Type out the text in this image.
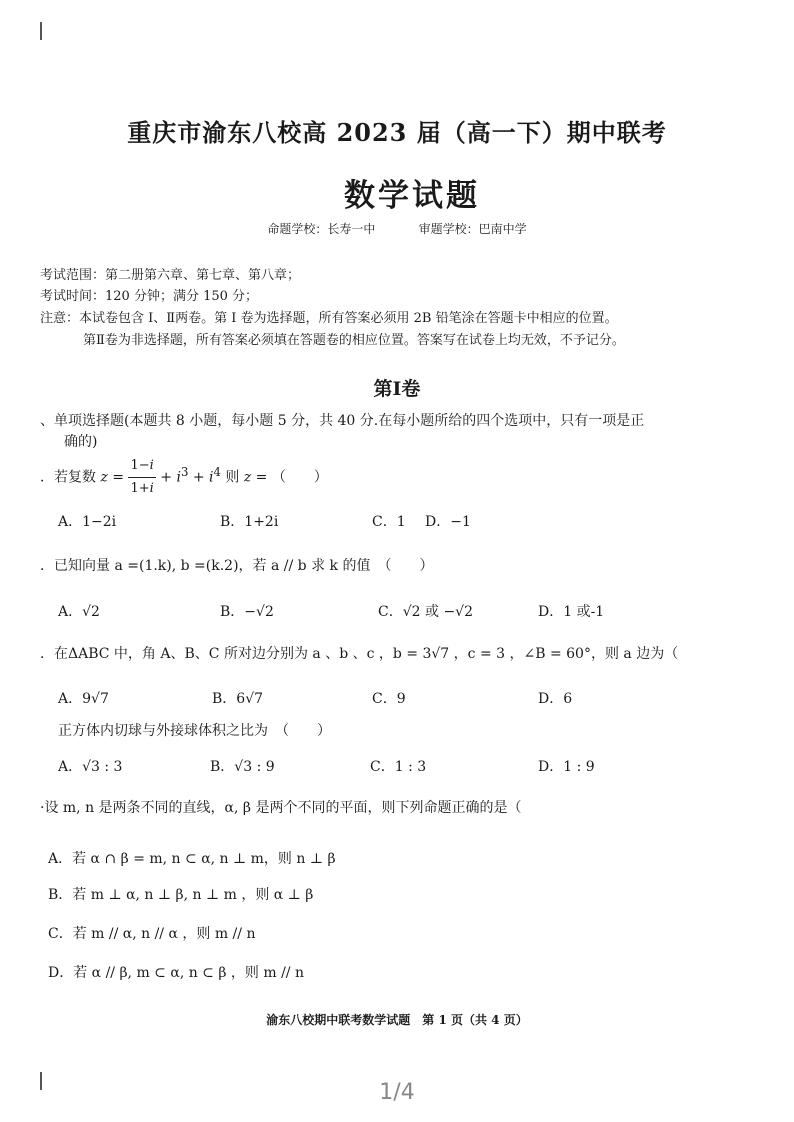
重庆市渝东八校高 2023 届（高一下）期中联考
数学试题
命题学校：长寿一中	审题学校：巴南中学
考试范围：第二册第六章、第七章、第八章；
考试时间：120 分钟；满分 150 分；
注意：本试卷包含 Ⅰ、Ⅱ两卷。第 Ⅰ 卷为选择题，所有答案必须用 2B 铅笔涂在答题卡中相应的位置。
第Ⅱ卷为非选择题，所有答案必须填在答题卷的相应位置。答案写在试卷上均无效，不予记分。
第Ⅰ卷
、单项选择题(本题共 8 小题，每小题 5 分，共 40 分.在每小题所给的四个选项中，只有一项是正
确的)
．若复数 $z = \frac{1-i}{1+i} + i^3 + i^4$ 则 z = （　　）
A．1−2i	B．1+2i	C．1 D．−1
．已知向量 a =(1.k), b =(k.2)，若 a // b 求 k 的值　（　　）
A．√2	B．−√2	C．√2 或 −√2	D．1 或-1
．在ΔABC 中，角 A、B、C 所对边分别为 a 、b 、c ，b = 3√7 ，c = 3 ，∠B = 60°，则 a 边为（
A．9√7	B．6√7	C．9	D．6
正方体内切球与外接球体积之比为　（　　）
A．√3 : 3	B．√3 : 9	C．1 : 3	D．1 : 9
·设 m, n 是两条不同的直线，α, β 是两个不同的平面，则下列命题正确的是（
A．若 α ∩ β = m, n ⊂ α, n ⊥ m，则 n ⊥ β
B．若 m ⊥ α, n ⊥ β, n ⊥ m ，则 α ⊥ β
C．若 m // α, n // α ，则 m // n
D．若 α // β, m ⊂ α, n ⊂ β ，则 m // n
渝东八校期中联考数学试题　第 1 页（共 4 页）
1/4
